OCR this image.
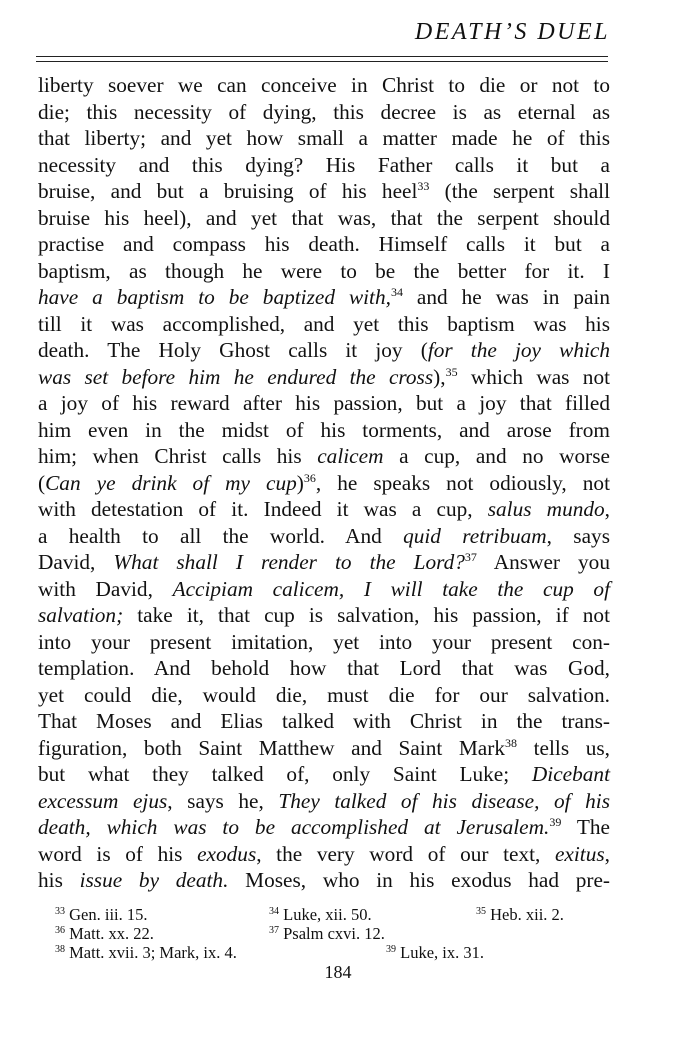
DEATH’S DUEL
liberty soever we can conceive in Christ to die or not to
die; this necessity of dying, this decree is as eternal as
that liberty; and yet how small a matter made he of this
necessity and this dying? His Father calls it but a
bruise, and but a bruising of his heel$^{33}$ (the serpent shall
bruise his heel), and yet that was, that the serpent should
practise and compass his death. Himself calls it but a
baptism, as though he were to be the better for it. I
have a baptism to be baptized with,$^{34}$ and he was in pain
till it was accomplished, and yet this baptism was his
death. The Holy Ghost calls it joy (for the joy which
was set before him he endured the cross),$^{35}$ which was not
a joy of his reward after his passion, but a joy that filled
him even in the midst of his torments, and arose from
him; when Christ calls his calicem a cup, and no worse
(Can ye drink of my cup)$^{36}$, he speaks not odiously, not
with detestation of it. Indeed it was a cup, salus mundo,
a health to all the world. And quid retribuam, says
David, What shall I render to the Lord?$^{37}$ Answer you
with David, Accipiam calicem, I will take the cup of
salvation; take it, that cup is salvation, his passion, if not
into your present imitation, yet into your present con-
templation. And behold how that Lord that was God,
yet could die, would die, must die for our salvation.
That Moses and Elias talked with Christ in the trans-
figuration, both Saint Matthew and Saint Mark$^{38}$ tells us,
but what they talked of, only Saint Luke; Dicebant
excessum ejus, says he, They talked of his disease, of his
death, which was to be accomplished at Jerusalem.$^{39}$ The
word is of his exodus, the very word of our text, exitus,
his issue by death. Moses, who in his exodus had pre-
$^{33}$ Gen. iii. 15.	$^{34}$ Luke, xii. 50.	$^{35}$ Heb. xii. 2.
$^{36}$ Matt. xx. 22.	$^{37}$ Psalm cxvi. 12.
$^{38}$ Matt. xvii. 3; Mark, ix. 4.	$^{39}$ Luke, ix. 31.
184
